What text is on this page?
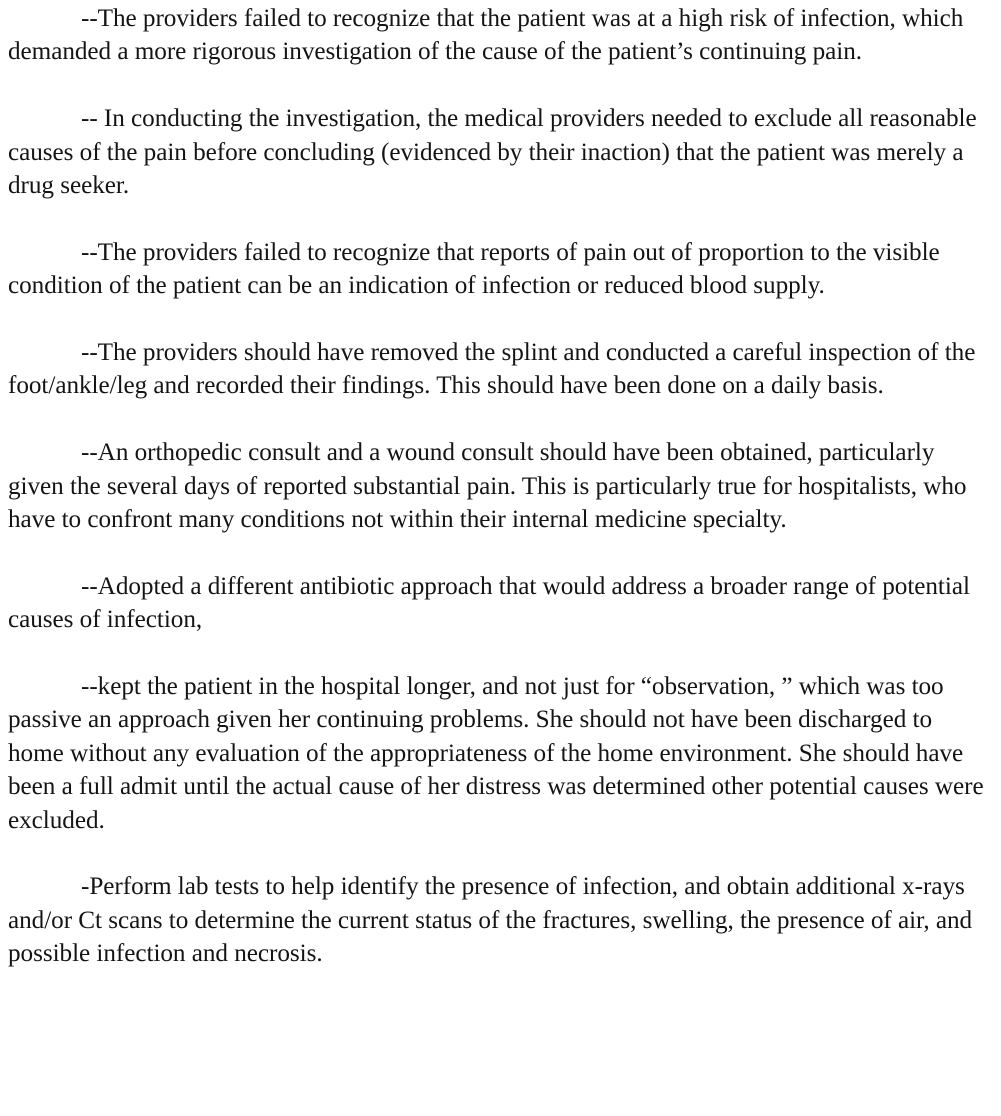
--The providers failed to recognize that the patient was at a high risk of infection, which demanded a more rigorous investigation of the cause of the patient’s continuing pain.

-- In conducting the investigation, the medical providers needed to exclude all reasonable causes of the pain before concluding (evidenced by their inaction) that the patient was merely a drug seeker.

--The providers failed to recognize that reports of pain out of proportion to the visible condition of the patient can be an indication of infection or reduced blood supply.

--The providers should have removed the splint and conducted a careful inspection of the foot/ankle/leg and recorded their findings. This should have been done on a daily basis.

--An orthopedic consult and a wound consult should have been obtained, particularly given the several days of reported substantial pain. This is particularly true for hospitalists, who have to confront many conditions not within their internal medicine specialty.

--Adopted a different antibiotic approach that would address a broader range of potential causes of infection,

--kept the patient in the hospital longer, and not just for “observation, ” which was too passive an approach given her continuing problems. She should not have been discharged to home without any evaluation of the appropriateness of the home environment. She should have been a full admit until the actual cause of her distress was determined other potential causes were excluded.

-Perform lab tests to help identify the presence of infection, and obtain additional x-rays and/or Ct scans to determine the current status of the fractures, swelling, the presence of air, and possible infection and necrosis.
